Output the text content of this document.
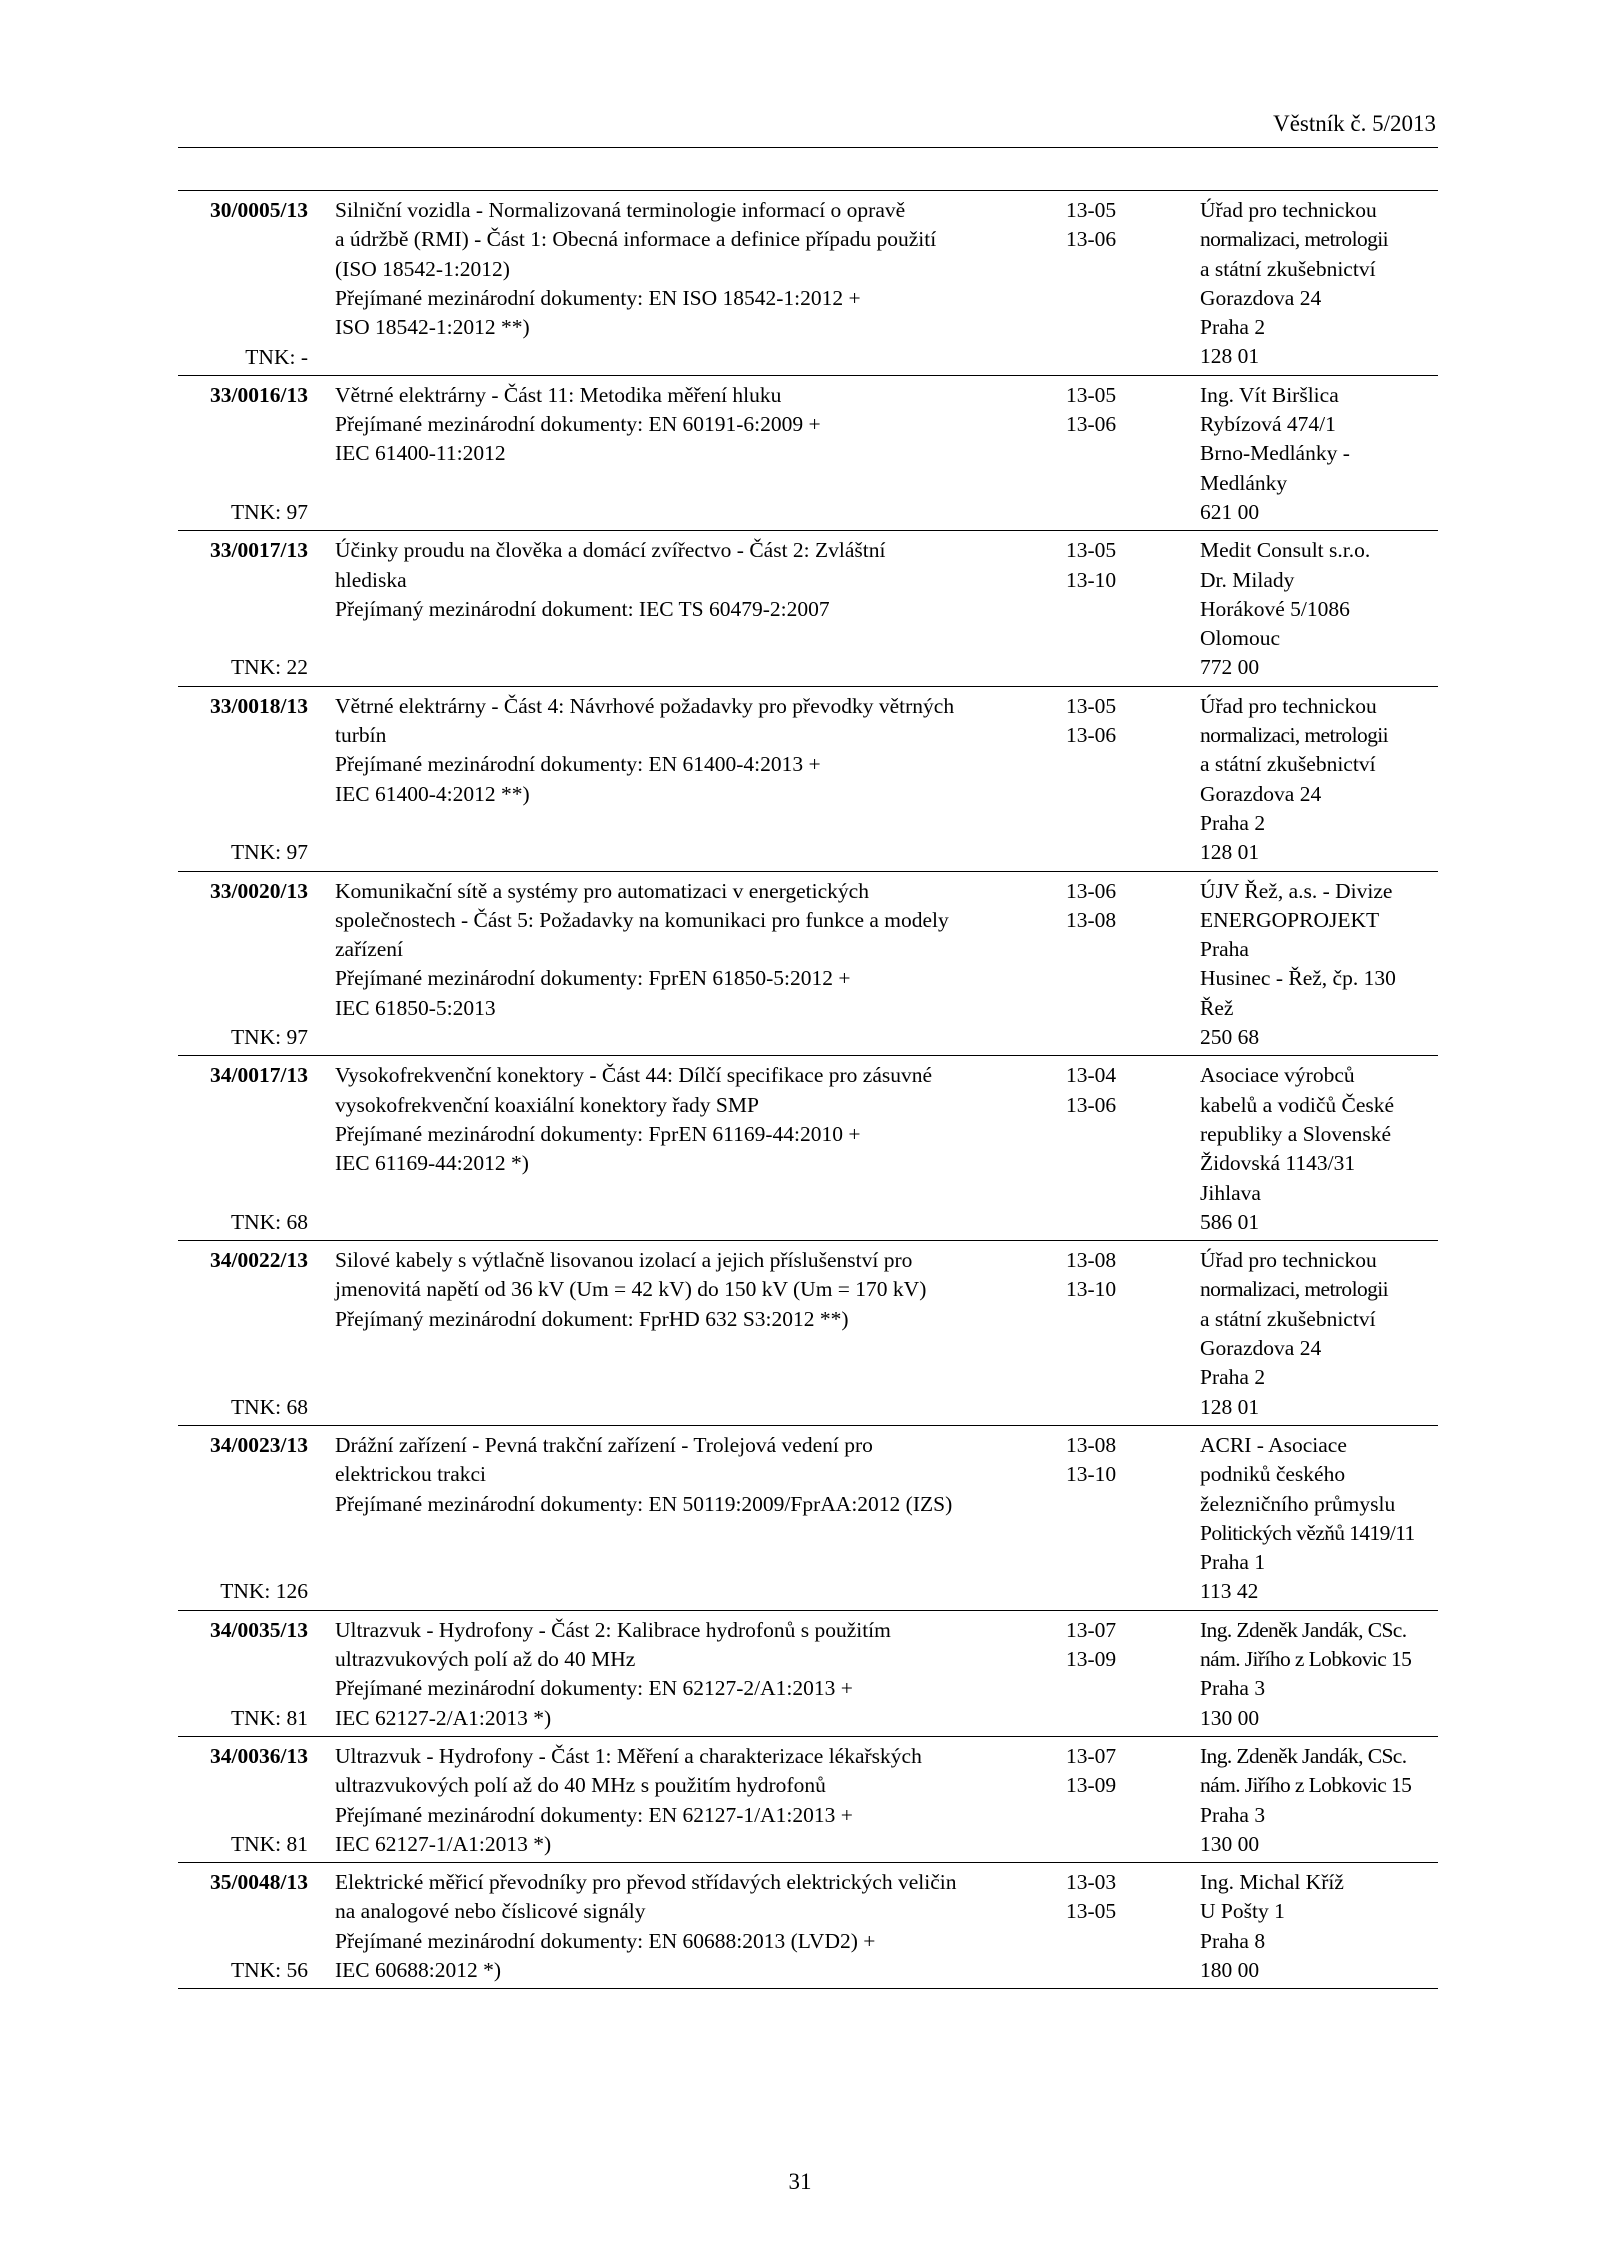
Věstník č. 5/2013
30/0005/13
TNK: -
Silniční vozidla - Normalizovaná terminologie informací o opravě
a údržbě (RMI) - Část 1: Obecná informace a definice případu použití
(ISO 18542-1:2012)
Přejímané mezinárodní dokumenty: EN ISO 18542-1:2012 +
ISO 18542-1:2012 **)
13-05
13-06
Úřad pro technickou
normalizaci, metrologii
a státní zkušebnictví
Gorazdova 24
Praha 2
128 01
33/0016/13
TNK: 97
Větrné elektrárny - Část 11: Metodika měření hluku
Přejímané mezinárodní dokumenty: EN 60191-6:2009 +
IEC 61400-11:2012
13-05
13-06
Ing. Vít Biršlica
Rybízová 474/1
Brno-Medlánky -
Medlánky
621 00
33/0017/13
TNK: 22
Účinky proudu na člověka a domácí zvířectvo - Část 2: Zvláštní
hlediska
Přejímaný mezinárodní dokument: IEC TS 60479-2:2007
13-05
13-10
Medit Consult s.r.o.
Dr. Milady
Horákové 5/1086
Olomouc
772 00
33/0018/13
TNK: 97
Větrné elektrárny - Část 4: Návrhové požadavky pro převodky větrných
turbín
Přejímané mezinárodní dokumenty: EN 61400-4:2013 +
IEC 61400-4:2012 **)
13-05
13-06
Úřad pro technickou
normalizaci, metrologii
a státní zkušebnictví
Gorazdova 24
Praha 2
128 01
33/0020/13
TNK: 97
Komunikační sítě a systémy pro automatizaci v energetických
společnostech - Část 5: Požadavky na komunikaci pro funkce a modely
zařízení
Přejímané mezinárodní dokumenty: FprEN 61850-5:2012 +
IEC 61850-5:2013
13-06
13-08
ÚJV Řež, a.s. - Divize
ENERGOPROJEKT
Praha
Husinec - Řež, čp. 130
Řež
250 68
34/0017/13
TNK: 68
Vysokofrekvenční konektory - Část 44: Dílčí specifikace pro zásuvné
vysokofrekvenční koaxiální konektory řady SMP
Přejímané mezinárodní dokumenty: FprEN 61169-44:2010 +
IEC 61169-44:2012 *)
13-04
13-06
Asociace výrobců
kabelů a vodičů České
republiky a Slovenské
Židovská 1143/31
Jihlava
586 01
34/0022/13
TNK: 68
Silové kabely s výtlačně lisovanou izolací a jejich příslušenství pro
jmenovitá napětí od 36 kV (Um = 42 kV) do 150 kV (Um = 170 kV)
Přejímaný mezinárodní dokument: FprHD 632 S3:2012 **)
13-08
13-10
Úřad pro technickou
normalizaci, metrologii
a státní zkušebnictví
Gorazdova 24
Praha 2
128 01
34/0023/13
TNK: 126
Drážní zařízení - Pevná trakční zařízení - Trolejová vedení pro
elektrickou trakci
Přejímané mezinárodní dokumenty: EN 50119:2009/FprAA:2012 (IZS)
13-08
13-10
ACRI - Asociace
podniků českého
železničního průmyslu
Politických vězňů 1419/11
Praha 1
113 42
34/0035/13
TNK: 81
Ultrazvuk - Hydrofony - Část 2: Kalibrace hydrofonů s použitím
ultrazvukových polí až do 40 MHz
Přejímané mezinárodní dokumenty: EN 62127-2/A1:2013 +
IEC 62127-2/A1:2013 *)
13-07
13-09
Ing. Zdeněk Jandák, CSc.
nám. Jiřího z Lobkovic 15
Praha 3
130 00
34/0036/13
TNK: 81
Ultrazvuk - Hydrofony - Část 1: Měření a charakterizace lékařských
ultrazvukových polí až do 40 MHz s použitím hydrofonů
Přejímané mezinárodní dokumenty: EN 62127-1/A1:2013 +
IEC 62127-1/A1:2013 *)
13-07
13-09
Ing. Zdeněk Jandák, CSc.
nám. Jiřího z Lobkovic 15
Praha 3
130 00
35/0048/13
TNK: 56
Elektrické měřicí převodníky pro převod střídavých elektrických veličin
na analogové nebo číslicové signály
Přejímané mezinárodní dokumenty: EN 60688:2013 (LVD2) +
IEC 60688:2012 *)
13-03
13-05
Ing. Michal Kříž
U Pošty 1
Praha 8
180 00
31
